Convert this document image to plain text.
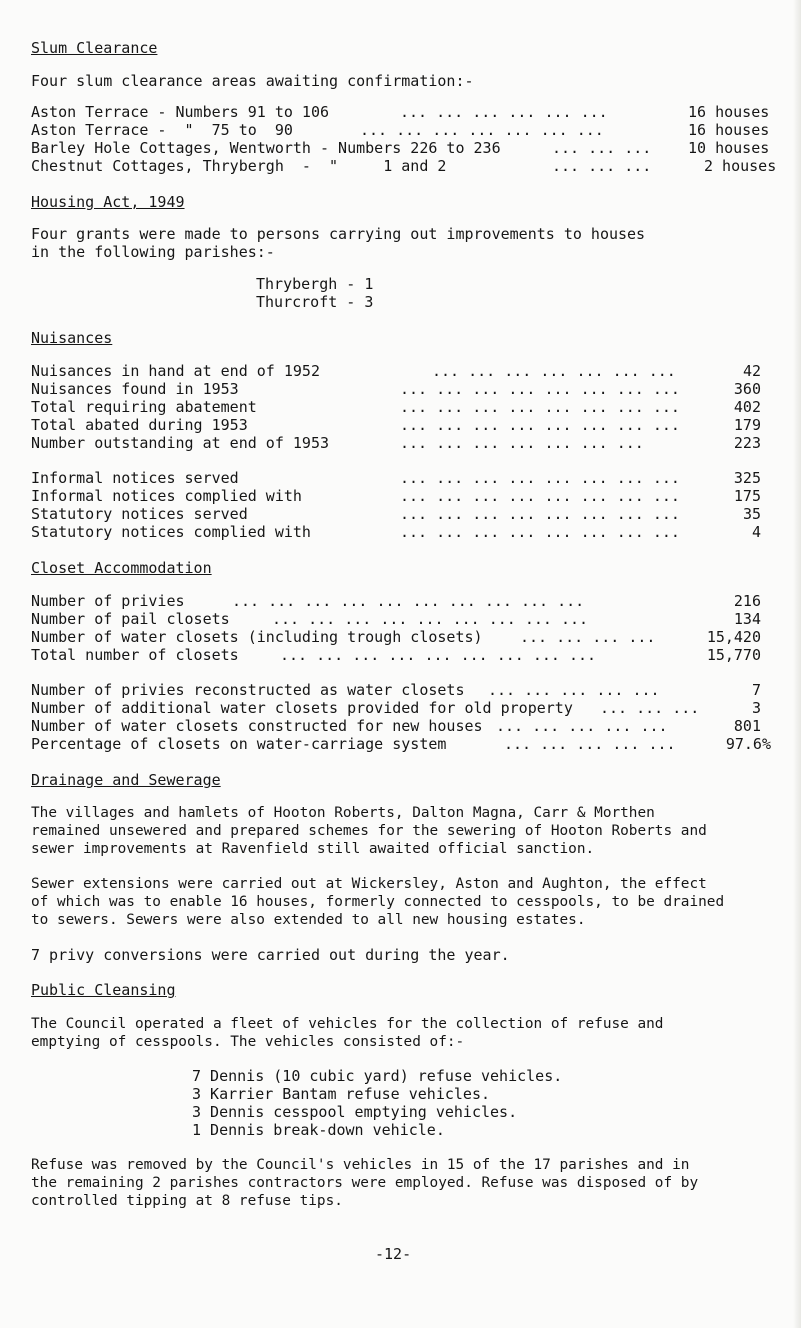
Slum Clearance
Four slum clearance areas awaiting confirmation:-
Aston Terrace - Numbers 91 to 106	... ... ... ... ... ...	16 houses
Aston Terrace -  "  75 to  90	... ... ... ... ... ... ...	16 houses
Barley Hole Cottages, Wentworth - Numbers 226 to 236	... ... ... 10 houses
Chestnut Cottages, Thrybergh  -  "     1 and 2	... ... ...	2 houses
Housing Act, 1949
Four grants were made to persons carrying out improvements to houses
in the following parishes:-
Thrybergh - 1
Thurcroft - 3
Nuisances
Nuisances in hand at end of 1952	... ... ... ... ... ... ...	42
Nuisances found in 1953	... ... ... ... ... ... ... ...	360
Total requiring abatement	... ... ... ... ... ... ... ...	402
Total abated during 1953	... ... ... ... ... ... ... ...	179
Number outstanding at end of 1953	... ... ... ... ... ... ...	223
Informal notices served	... ... ... ... ... ... ... ...	325
Informal notices complied with	... ... ... ... ... ... ... ...	175
Statutory notices served	... ... ... ... ... ... ... ...	35
Statutory notices complied with	... ... ... ... ... ... ... ...	4
Closet Accommodation
Number of privies	... ... ... ... ... ... ... ... ... ...	216
Number of pail closets	... ... ... ... ... ... ... ... ...	134
Number of water closets (including trough closets) ... ... ... ...	15,420
Total number of closets	... ... ... ... ... ... ... ... ...	15,770
Number of privies reconstructed as water closets ... ... ... ... ...	7
Number of additional water closets provided for old property ... ... ...	3
Number of water closets constructed for new houses ... ... ... ... ...	801
Percentage of closets on water-carriage system	... ... ... ... ...	97.6%
Drainage and Sewerage
The villages and hamlets of Hooton Roberts, Dalton Magna, Carr & Morthen
remained unsewered and prepared schemes for the sewering of Hooton Roberts and
sewer improvements at Ravenfield still awaited official sanction.
Sewer extensions were carried out at Wickersley, Aston and Aughton, the effect
of which was to enable 16 houses, formerly connected to cesspools, to be drained
to sewers. Sewers were also extended to all new housing estates.
7 privy conversions were carried out during the year.
Public Cleansing
The Council operated a fleet of vehicles for the collection of refuse and
emptying of cesspools. The vehicles consisted of:-
7 Dennis (10 cubic yard) refuse vehicles.
3 Karrier Bantam refuse vehicles.
3 Dennis cesspool emptying vehicles.
1 Dennis break-down vehicle.
Refuse was removed by the Council's vehicles in 15 of the 17 parishes and in
the remaining 2 parishes contractors were employed. Refuse was disposed of by
controlled tipping at 8 refuse tips.
-12-
